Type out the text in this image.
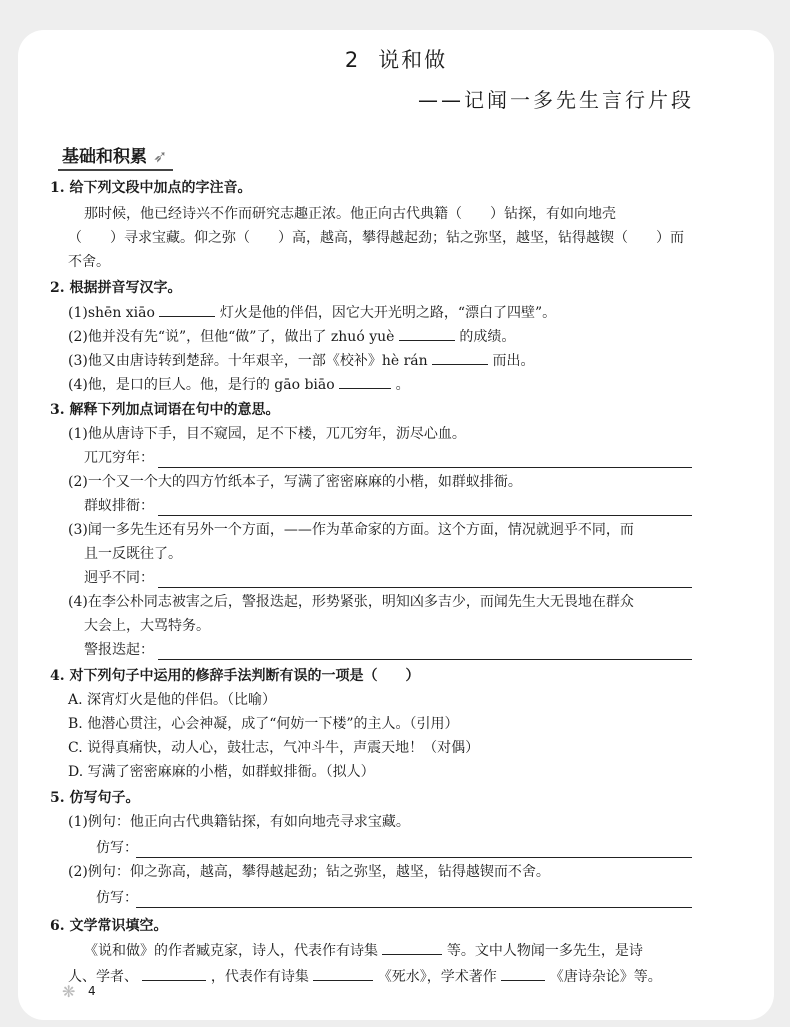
2 说和做
——记闻一多先生言行片段
基础和积累 ➶
1. 给下列文段中加点的字注音。
那时候，他已经诗兴不作而研究志趣正浓。他正向古代典籍（　　）钻探，有如向地壳
（　　）寻求宝藏。仰之弥（　　）高，越高，攀得越起劲；钻之弥坚，越坚，钻得越锲（　　）而
不舍。
2. 根据拼音写汉字。
(1)shēn xiāo	灯火是他的伴侣，因它大开光明之路，“漂白了四壁”。
(2)他并没有先“说”，但他“做”了，做出了 zhuó yuè	的成绩。
(3)他又由唐诗转到楚辞。十年艰辛，一部《校补》hè rán	而出。
(4)他，是口的巨人。他，是行的 gāo biāo	。
3. 解释下列加点词语在句中的意思。
(1)他从唐诗下手，目不窥园，足不下楼，兀兀穷年，沥尽心血。
兀兀穷年：
(2)一个又一个大的四方竹纸本子，写满了密密麻麻的小楷，如群蚁排衙。
群蚁排衙：
(3)闻一多先生还有另外一个方面，——作为革命家的方面。这个方面，情况就迥乎不同，而
且一反既往了。
迥乎不同：
(4)在李公朴同志被害之后，警报迭起，形势紧张，明知凶多吉少，而闻先生大无畏地在群众
大会上，大骂特务。
警报迭起：
4. 对下列句子中运用的修辞手法判断有误的一项是（　　）
A. 深宵灯火是他的伴侣。（比喻）
B. 他潜心贯注，心会神凝，成了“何妨一下楼”的主人。（引用）
C. 说得真痛快，动人心，鼓壮志，气冲斗牛，声震天地！（对偶）
D. 写满了密密麻麻的小楷，如群蚁排衙。（拟人）
5. 仿写句子。
(1)例句：他正向古代典籍钻探，有如向地壳寻求宝藏。
仿写：
(2)例句：仰之弥高，越高，攀得越起劲；钻之弥坚，越坚，钻得越锲而不舍。
仿写：
6. 文学常识填空。
《说和做》的作者臧克家，诗人，代表作有诗集	等。文中人物闻一多先生，是诗
人、学者、	，代表作有诗集	《死水》，学术著作	《唐诗杂论》等。
❋	4
